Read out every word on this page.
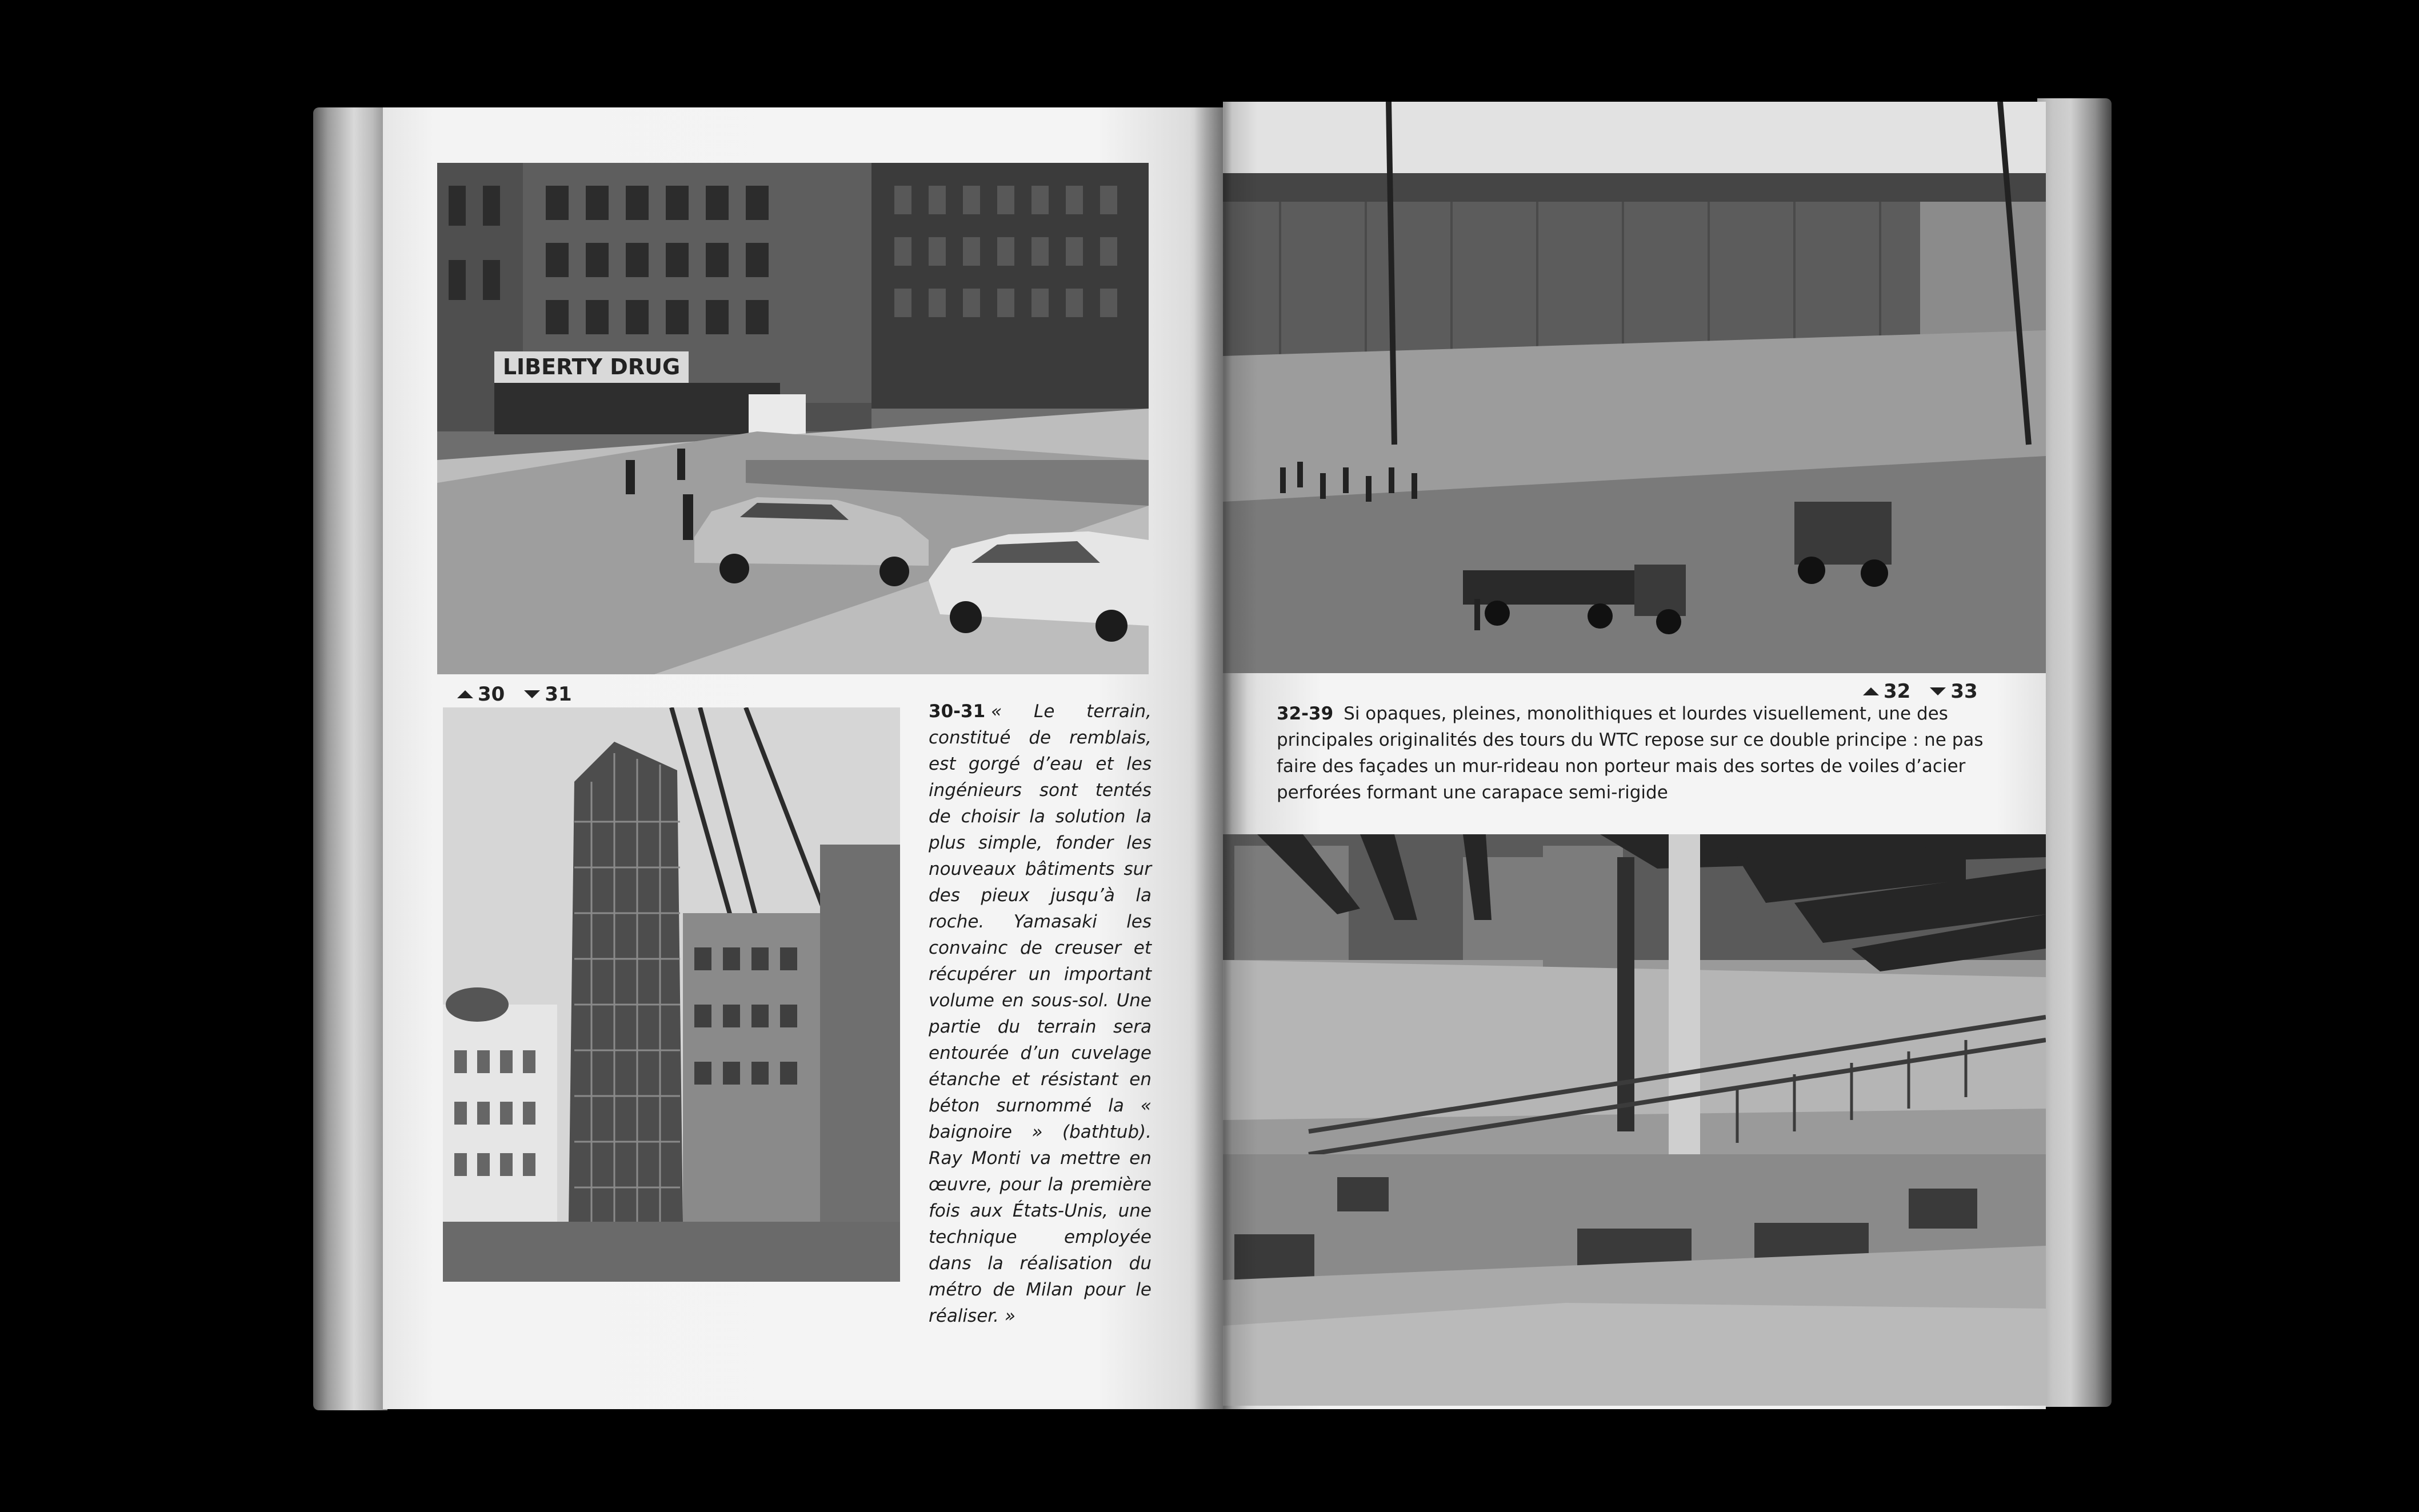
LIBERTY DRUG
30 31
30-31 « Le terrain, constitué de remblais, est gorgé d’eau et les ingénieurs sont tentés de choisir la solution la plus simple, fonder les nouveaux bâtiments sur des pieux jusqu’à la roche. Yamasaki les convainc de creuser et récupérer un important volume en sous-sol. Une partie du terrain sera entourée d’un cuvelage étanche et résistant en béton surnommé la « baignoire » (bathtub). Ray Monti va mettre en œuvre, pour la première fois aux États-Unis, une technique employée dans la réalisation du métro de Milan pour le réaliser. »
32 33
32-39 Si opaques, pleines, monolithiques et lourdes visuellement, une des principales originalités des tours du WTC repose sur ce double principe : ne pas faire des façades un mur-rideau non porteur mais des sortes de voiles d’acier perforées formant une carapace semi-rigide
